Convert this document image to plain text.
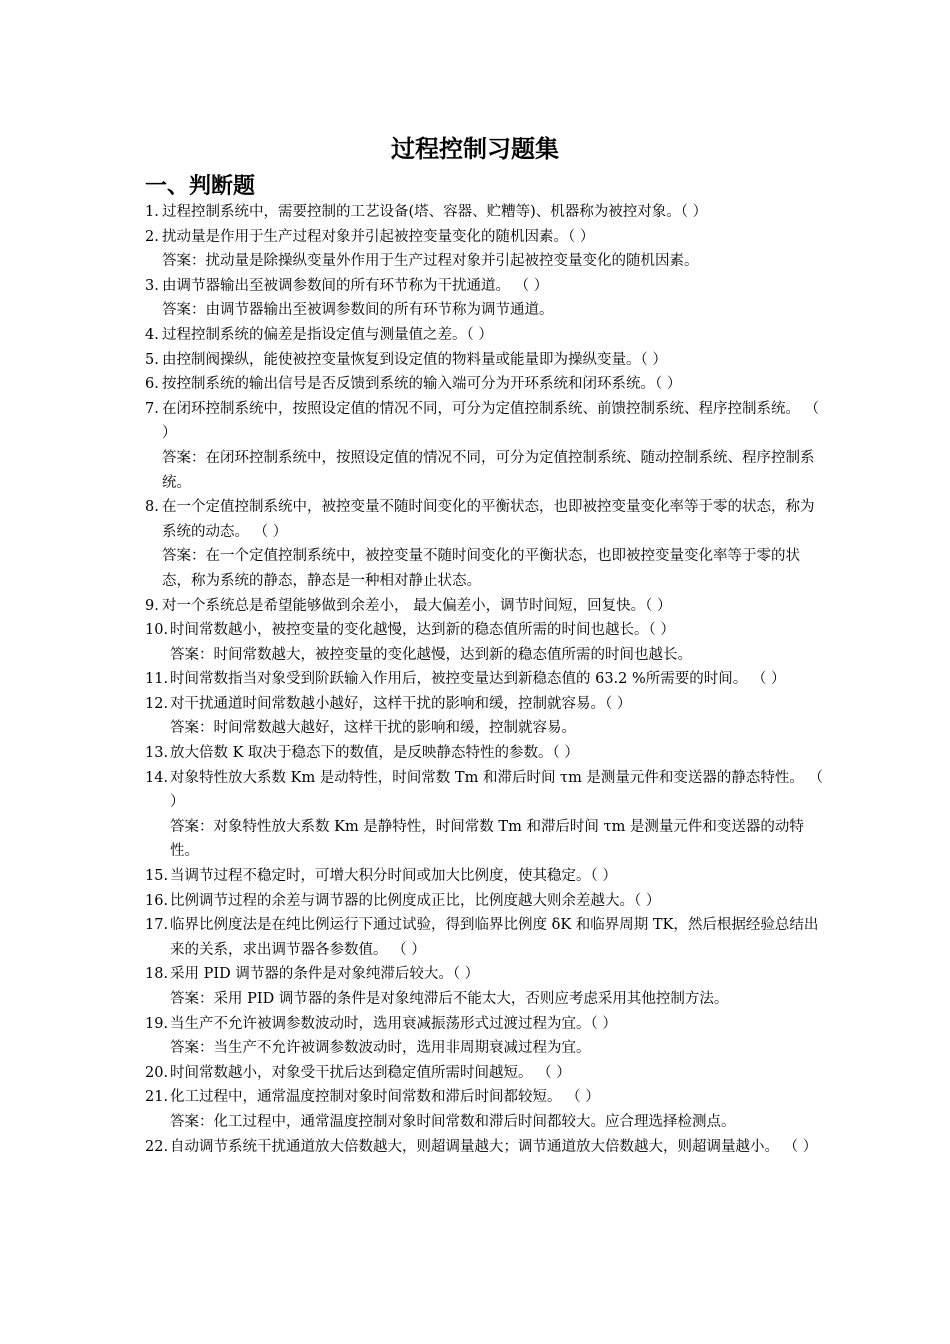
过程控制习题集
一、判断题
1. 过程控制系统中，需要控制的工艺设备(塔、容器、贮糟等)、机器称为被控对象。（ ）
2. 扰动量是作用于生产过程对象并引起被控变量变化的随机因素。（ ）
答案：扰动量是除操纵变量外作用于生产过程对象并引起被控变量变化的随机因素。
3. 由调节器输出至被调参数间的所有环节称为干扰通道。 （ ）
答案：由调节器输出至被调参数间的所有环节称为调节通道。
4. 过程控制系统的偏差是指设定值与测量值之差。（ ）
5. 由控制阀操纵，能使被控变量恢复到设定值的物料量或能量即为操纵变量。（ ）
6. 按控制系统的输出信号是否反馈到系统的输入端可分为开环系统和闭环系统。（ ）
7. 在闭环控制系统中，按照设定值的情况不同，可分为定值控制系统、前馈控制系统、程序控制系统。 （ ）
答案：在闭环控制系统中，按照设定值的情况不同，可分为定值控制系统、随动控制系统、程序控制系统。
8. 在一个定值控制系统中，被控变量不随时间变化的平衡状态，也即被控变量变化率等于零的状态，称为系统的动态。 （ ）
答案：在一个定值控制系统中，被控变量不随时间变化的平衡状态，也即被控变量变化率等于零的状态，称为系统的静态，静态是一种相对静止状态。
9. 对一个系统总是希望能够做到余差小， 最大偏差小，调节时间短，回复快。（ ）
10. 时间常数越小，被控变量的变化越慢，达到新的稳态值所需的时间也越长。（ ）
答案：时间常数越大，被控变量的变化越慢，达到新的稳态值所需的时间也越长。
11. 时间常数指当对象受到阶跃输入作用后，被控变量达到新稳态值的 63.2 %所需要的时间。 （ ）
12. 对干扰通道时间常数越小越好，这样干扰的影响和缓，控制就容易。（ ）
答案：时间常数越大越好，这样干扰的影响和缓，控制就容易。
13. 放大倍数 K 取决于稳态下的数值，是反映静态特性的参数。（ ）
14. 对象特性放大系数 Km 是动特性，时间常数 Tm 和滞后时间 τm 是测量元件和变送器的静态特性。 （ ）
答案：对象特性放大系数 Km 是静特性，时间常数 Tm 和滞后时间 τm 是测量元件和变送器的动特性。
15. 当调节过程不稳定时，可增大积分时间或加大比例度，使其稳定。（ ）
16. 比例调节过程的余差与调节器的比例度成正比，比例度越大则余差越大。（ ）
17. 临界比例度法是在纯比例运行下通过试验，得到临界比例度 δK 和临界周期 TK，然后根据经验总结出来的关系，求出调节器各参数值。 （ ）
18. 采用 PID 调节器的条件是对象纯滞后较大。（ ）
答案：采用 PID 调节器的条件是对象纯滞后不能太大，否则应考虑采用其他控制方法。
19. 当生产不允许被调参数波动时，选用衰减振荡形式过渡过程为宜。（ ）
答案：当生产不允许被调参数波动时，选用非周期衰减过程为宜。
20. 时间常数越小，对象受干扰后达到稳定值所需时间越短。 （ ）
21. 化工过程中，通常温度控制对象时间常数和滞后时间都较短。 （ ）
答案：化工过程中，通常温度控制对象时间常数和滞后时间都较大。应合理选择检测点。
22. 自动调节系统干扰通道放大倍数越大，则超调量越大；调节通道放大倍数越大，则超调量越小。 （ ）
